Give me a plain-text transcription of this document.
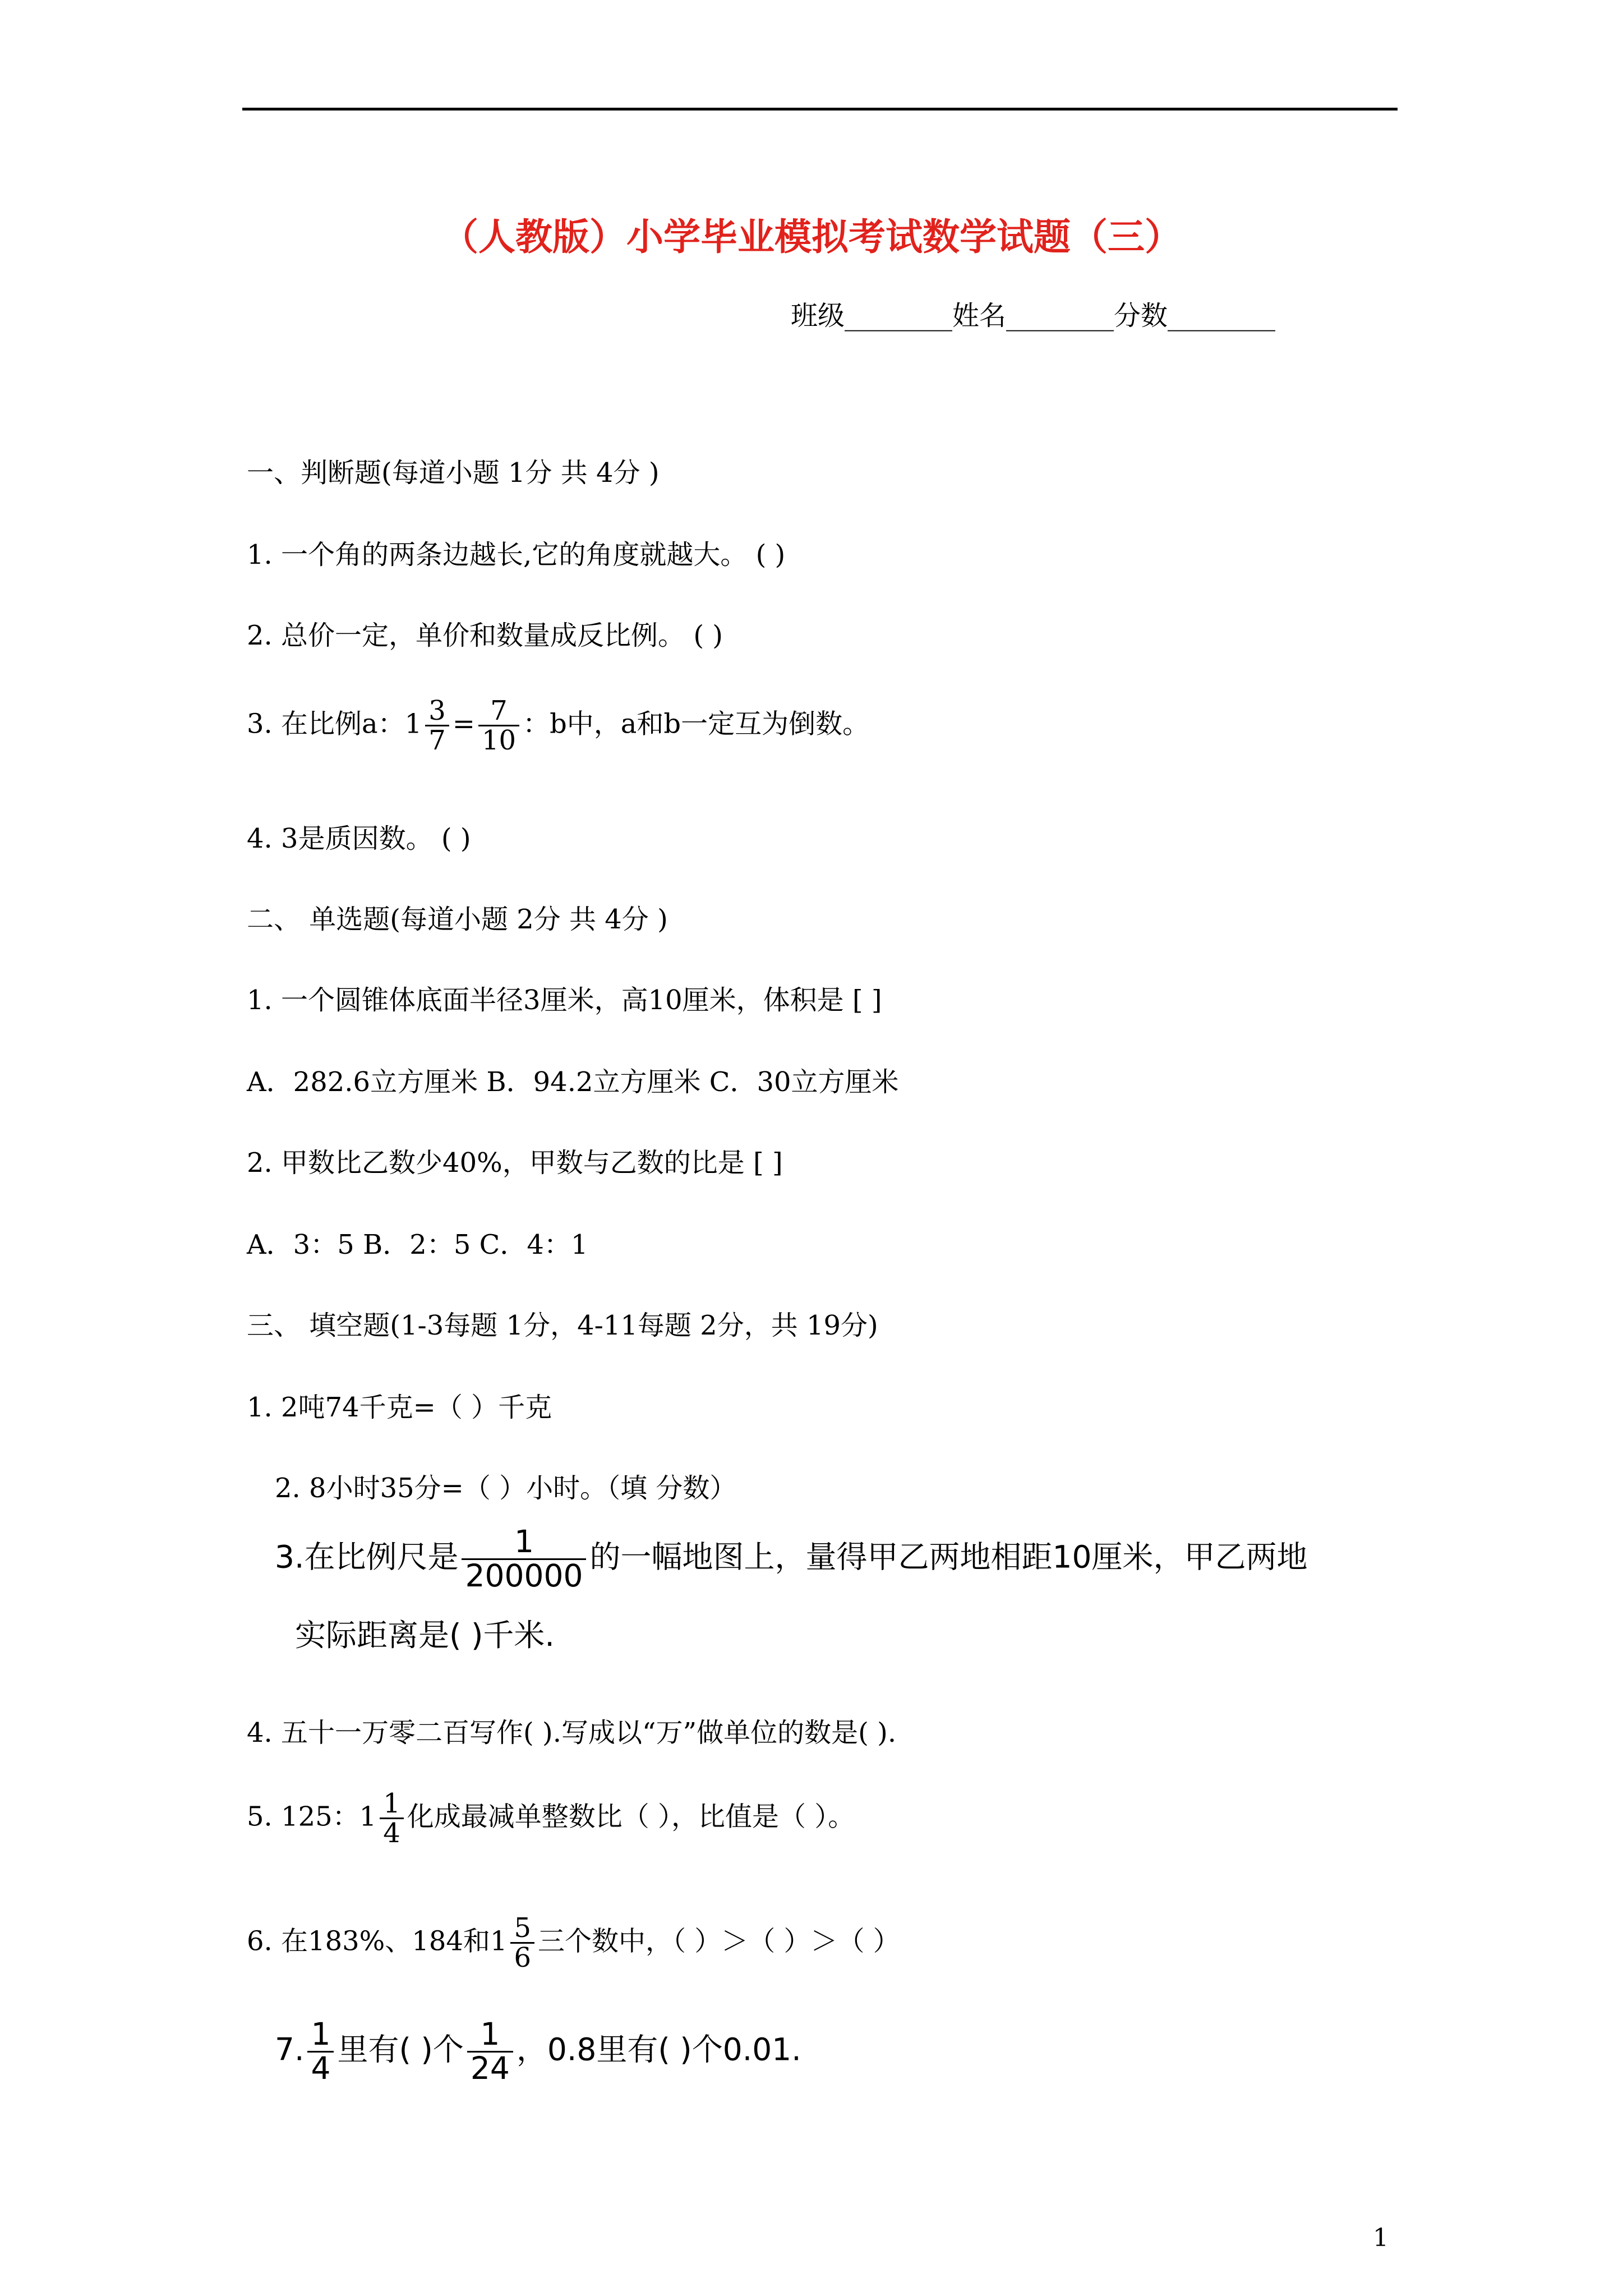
（人教版）小学毕业模拟考试数学试题（三）
班级________姓名________分数________
一、判断题(每道小题 1分 共 4分 )
1. 一个角的两条边越长,它的角度就越大。 ( )
2. 总价一定，单价和数量成反比例。 ( )
3. 在比例a：$1 \frac{3}{7} = \frac{7}{10}$ ：b中，a和b一定互为倒数。
4. 3是质因数。 ( )
二、 单选题(每道小题 2分 共 4分 )
1. 一个圆锥体底面半径3厘米，高10厘米，体积是 [ ]
A．282.6立方厘米 B．94.2立方厘米 C．30立方厘米
2. 甲数比乙数少40%，甲数与乙数的比是 [ ]
A．3：5 B．2：5 C．4：1
三、 填空题(1-3每题 1分，4-11每题 2分，共 19分)
1. 2吨74千克=（ ）千克
2. 8小时35分=（ ）小时。（填 分数）
3.在比例尺是 $\frac{1}{200000}$ 的一幅地图上，量得甲乙两地相距10厘米，甲乙两地
实际距离是( )千米.
4. 五十一万零二百写作( ).写成以“万”做单位的数是( ).
5. 125：$1 \frac{1}{4}$ 化成最减单整数比（ ），比值是（ ）。
6. 在183%、184和$1 \frac{5}{6}$ 三个数中，（ ）＞（ ）＞（ ）
7. $\frac{1}{4}$ 里有( )个 $\frac{1}{24}$ ，0.8里有( )个0.01.
1
